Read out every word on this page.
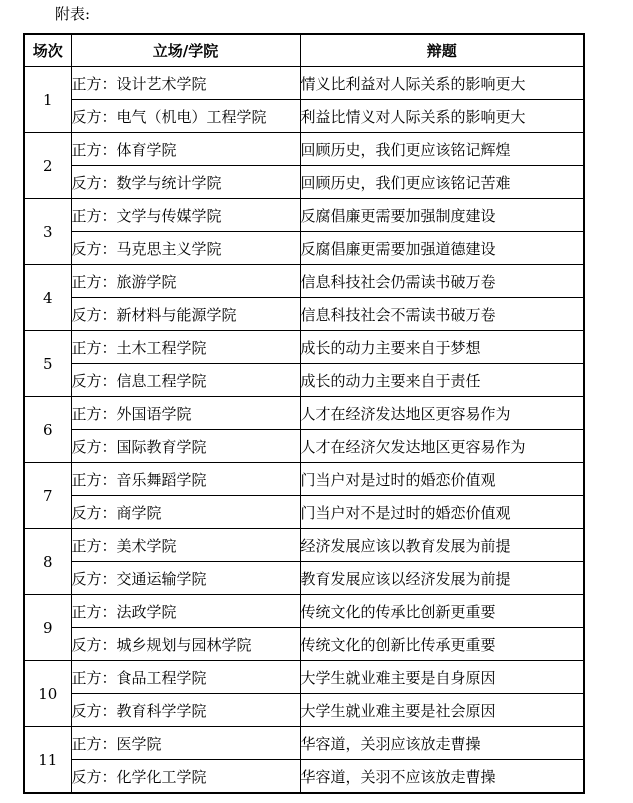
附表:
场次	立场/学院	辩题
1	正方：设计艺术学院	情义比利益对人际关系的影响更大
	反方：电气（机电）工程学院	利益比情义对人际关系的影响更大
2	正方：体育学院	回顾历史，我们更应该铭记辉煌
	反方：数学与统计学院	回顾历史，我们更应该铭记苦难
3	正方：文学与传媒学院	反腐倡廉更需要加强制度建设
	反方：马克思主义学院	反腐倡廉更需要加强道德建设
4	正方：旅游学院	信息科技社会仍需读书破万卷
	反方：新材料与能源学院	信息科技社会不需读书破万卷
5	正方：土木工程学院	成长的动力主要来自于梦想
	反方：信息工程学院	成长的动力主要来自于责任
6	正方：外国语学院	人才在经济发达地区更容易作为
	反方：国际教育学院	人才在经济欠发达地区更容易作为
7	正方：音乐舞蹈学院	门当户对是过时的婚恋价值观
	反方：商学院	门当户对不是过时的婚恋价值观
8	正方：美术学院	经济发展应该以教育发展为前提
	反方：交通运输学院	教育发展应该以经济发展为前提
9	正方：法政学院	传统文化的传承比创新更重要
	反方：城乡规划与园林学院	传统文化的创新比传承更重要
10	正方：食品工程学院	大学生就业难主要是自身原因
	反方：教育科学学院	大学生就业难主要是社会原因
11	正方：医学院	华容道，关羽应该放走曹操
	反方：化学化工学院	华容道，关羽不应该放走曹操
